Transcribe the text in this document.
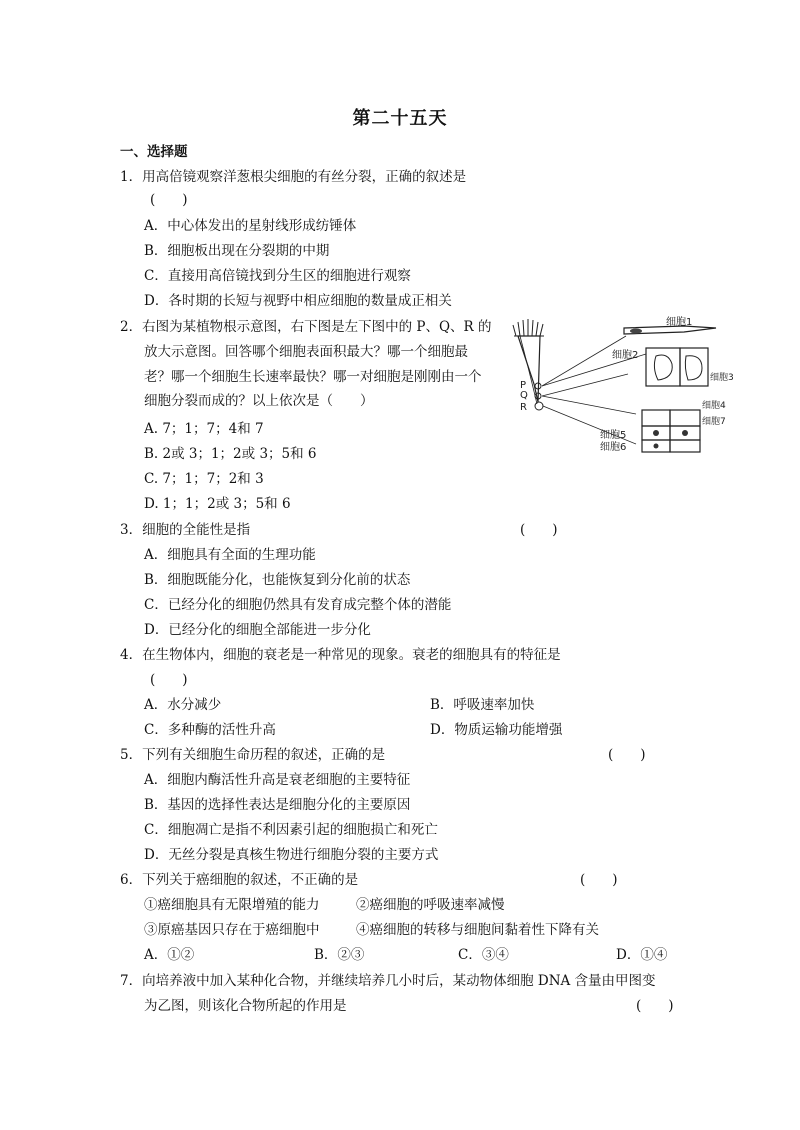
第二十五天
一、选择题
1．用高倍镜观察洋葱根尖细胞的有丝分裂，正确的叙述是
(　　)
A．中心体发出的星射线形成纺锤体
B．细胞板出现在分裂期的中期
C．直接用高倍镜找到分生区的细胞进行观察
D．各时期的长短与视野中相应细胞的数量成正相关
2．右图为某植物根示意图，右下图是左下图中的 P、Q、R 的
放大示意图。回答哪个细胞表面积最大？哪一个细胞最
老？哪一个细胞生长速率最快？哪一对细胞是刚刚由一个
细胞分裂而成的？以上依次是（　　）
A. 7；1；7；4和 7
B. 2或 3；1；2或 3；5和 6
C. 7；1；7；2和 3
D. 1；1；2或 3；5和 6
P
Q
R
细胞1
细胞2
细胞3
细胞4
细胞7
细胞5
细胞6
3．细胞的全能性是指	(　　)
A．细胞具有全面的生理功能
B．细胞既能分化，也能恢复到分化前的状态
C．已经分化的细胞仍然具有发育成完整个体的潜能
D．已经分化的细胞全部能进一步分化
4．在生物体内，细胞的衰老是一种常见的现象。衰老的细胞具有的特征是
(　　)
A．水分减少	B．呼吸速率加快
C．多种酶的活性升高	D．物质运输功能增强
5．下列有关细胞生命历程的叙述，正确的是	(　　)
A．细胞内酶活性升高是衰老细胞的主要特征
B．基因的选择性表达是细胞分化的主要原因
C．细胞凋亡是指不利因素引起的细胞损亡和死亡
D．无丝分裂是真核生物进行细胞分裂的主要方式
6．下列关于癌细胞的叙述，不正确的是	(　　)
①癌细胞具有无限增殖的能力	②癌细胞的呼吸速率减慢
③原癌基因只存在于癌细胞中	④癌细胞的转移与细胞间黏着性下降有关
A．①②	B．②③	C．③④	D．①④
7．向培养液中加入某种化合物，并继续培养几小时后，某动物体细胞 DNA 含量由甲图变
为乙图，则该化合物所起的作用是	(　　)
